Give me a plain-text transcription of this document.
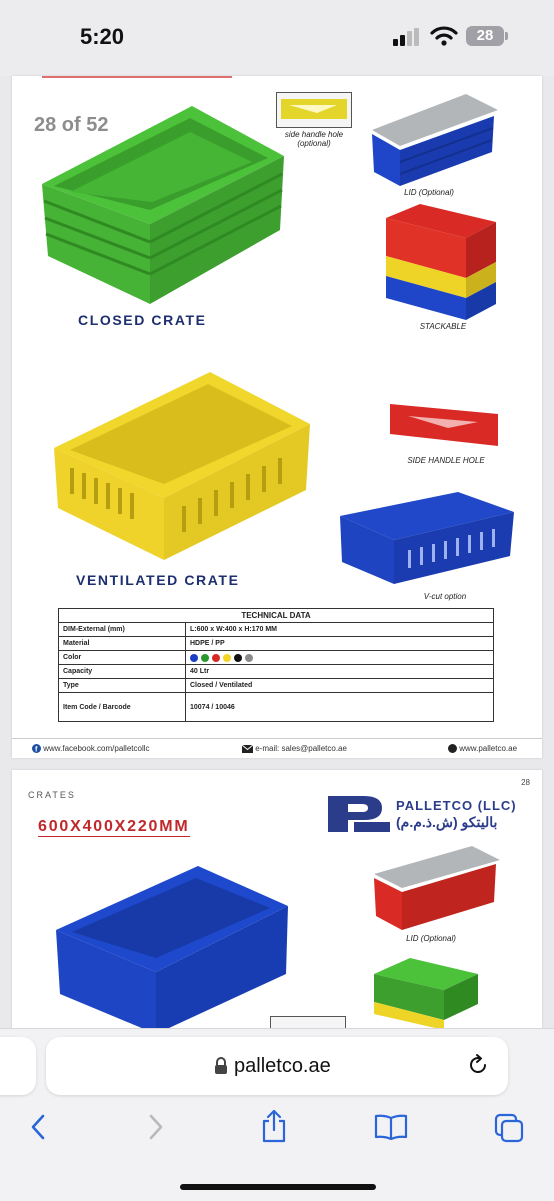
5:20	28
28 of 52
CLOSED CRATE
side handle hole
(optional)
LID (Optional)
STACKABLE
VENTILATED CRATE
SIDE HANDLE HOLE
V-cut option
TECHNICAL DATA	
DIM-External (mm)	L:600 x W:400 x H:170 MM
Material	HDPE / PP
Color	
Capacity	40 Ltr
Type	Closed / Ventilated
Item Code / Barcode	10074 / 10046
f www.facebook.com/palletcollc	e-mail: sales@palletco.ae	www.palletco.ae
28
CRATES
600X400X220MM
PALLETCO (LLC)
باليتكو (ش.ذ.م.م)
LID (Optional)
palletco.ae
